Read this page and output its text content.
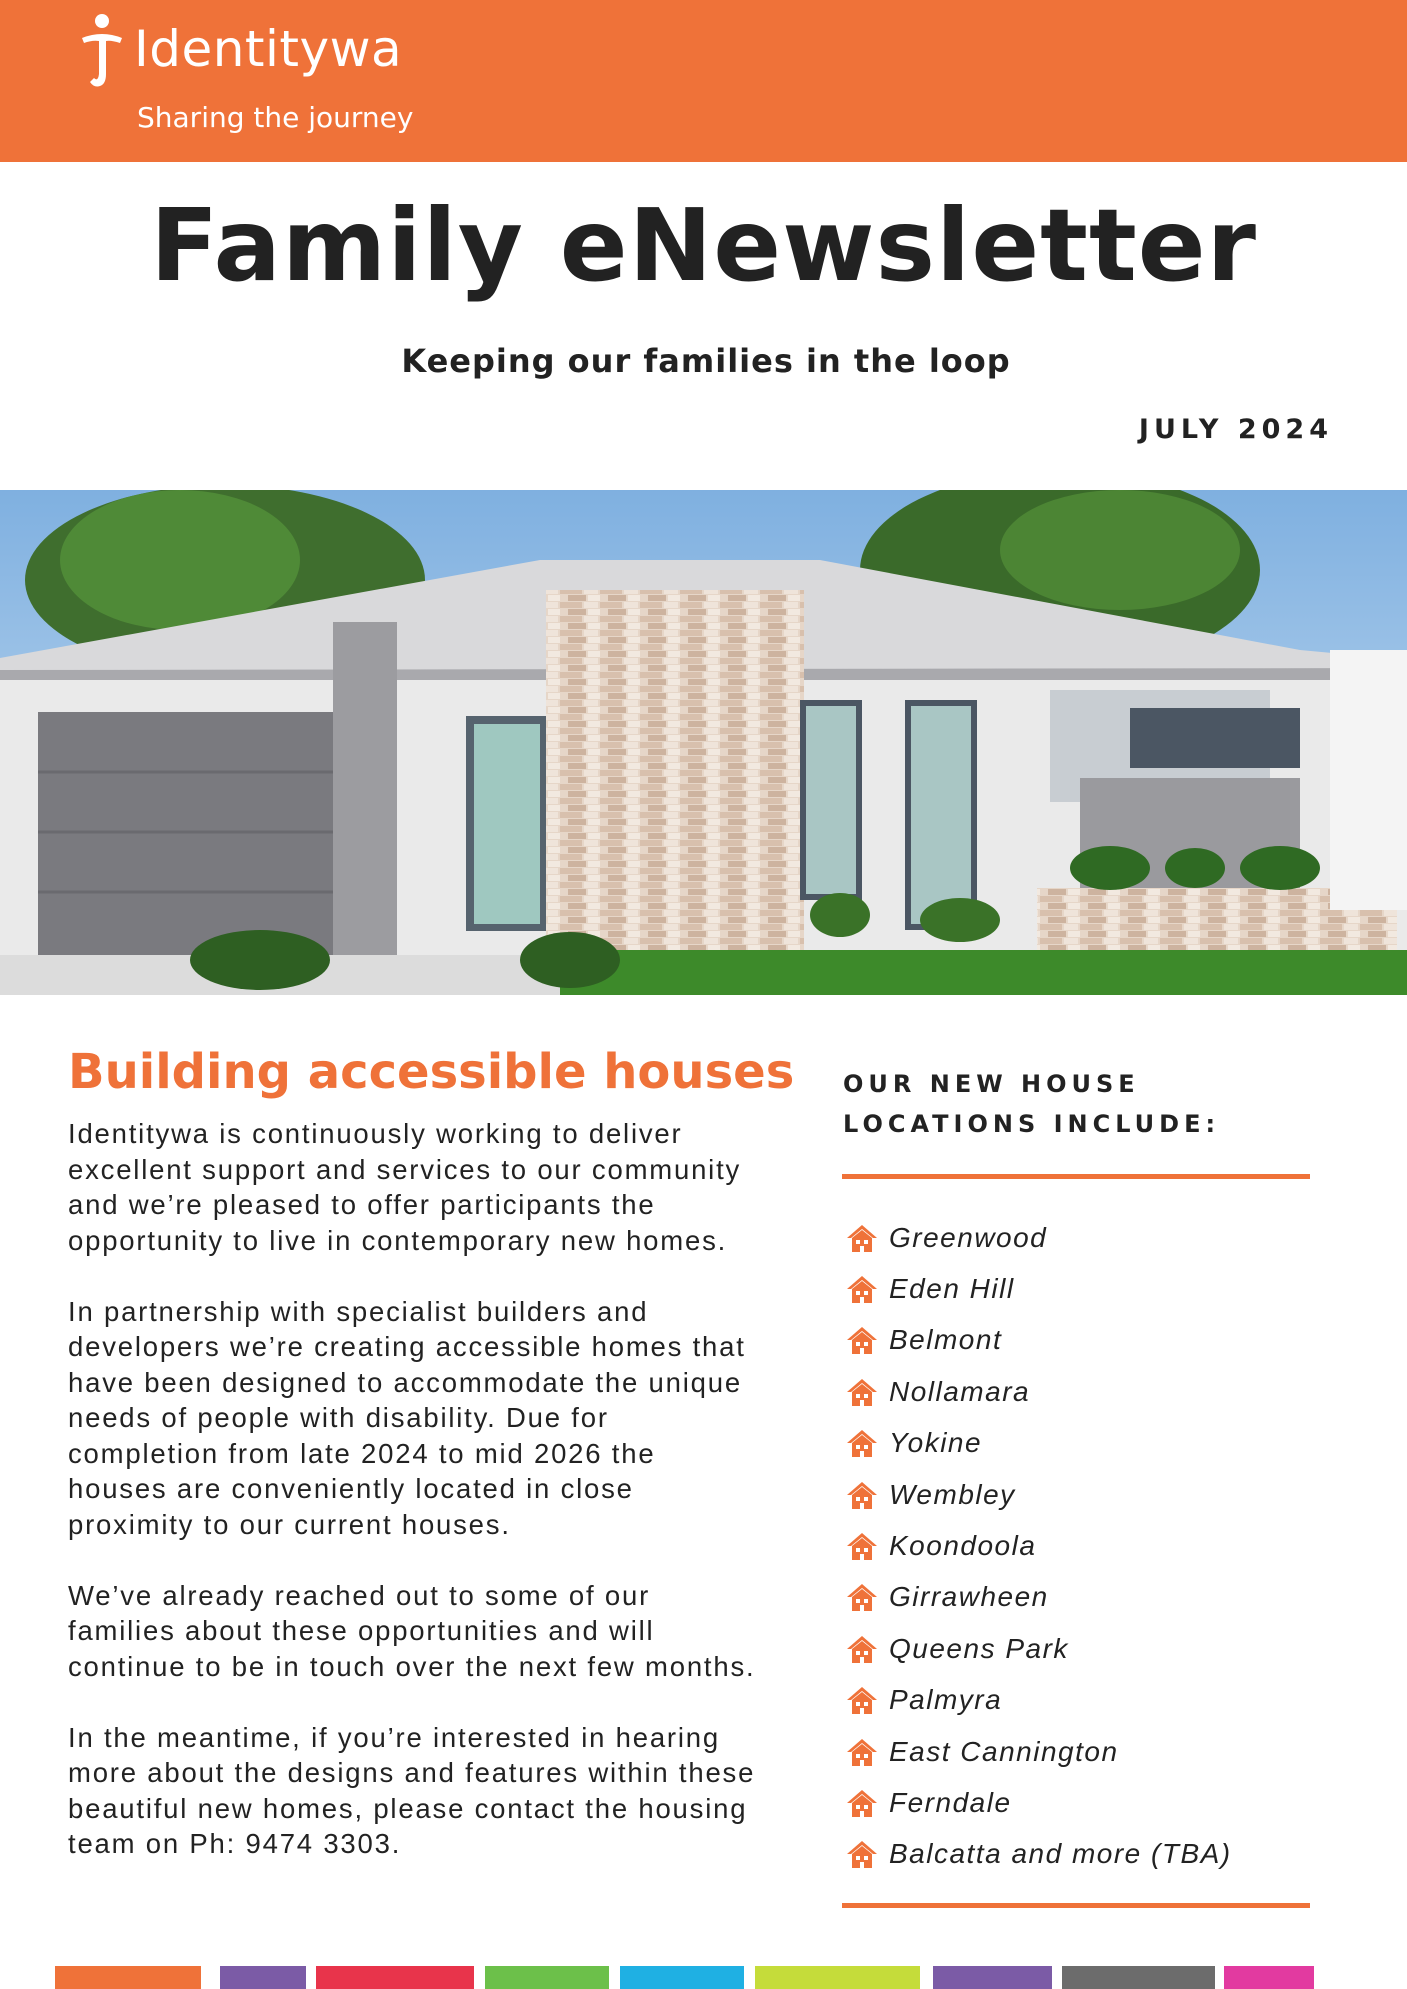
Identitywa
Sharing the journey
Family eNewsletter
Keeping our families in the loop
JULY 2024
Building accessible houses

Identitywa is continuously working to deliver excellent support and services to our community and we’re pleased to offer participants the opportunity to live in contemporary new homes.

In partnership with specialist builders and developers we’re creating accessible homes that have been designed to accommodate the unique needs of people with disability. Due for completion from late 2024 to mid 2026 the houses are conveniently located in close proximity to our current houses.

We’ve already reached out to some of our families about these opportunities and will continue to be in touch over the next few months.

In the meantime, if you’re interested in hearing more about the designs and features within these beautiful new homes, please contact the housing team on Ph: 9474 3303.

OUR NEW HOUSE
LOCATIONS INCLUDE:
Greenwood
Eden Hill
Belmont
Nollamara
Yokine
Wembley
Koondoola
Girrawheen
Queens Park
Palmyra
East Cannington
Ferndale
Balcatta and more (TBA)
